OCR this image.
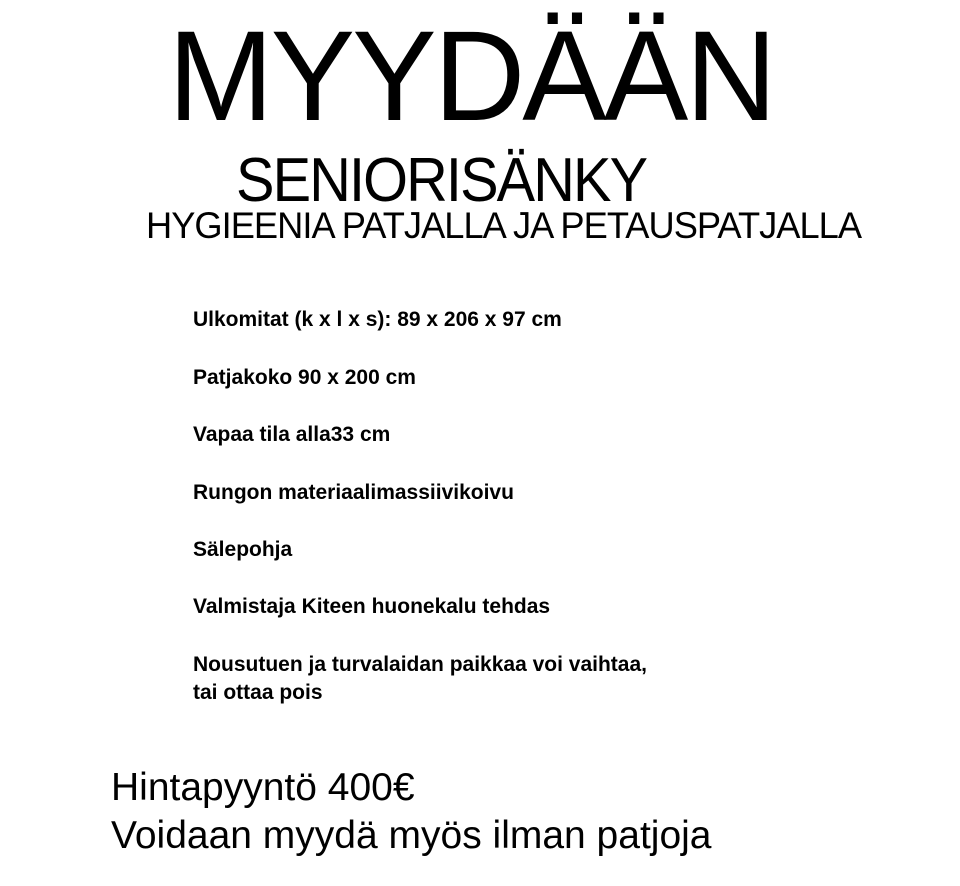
MYYDÄÄN
SENIORISÄNKY
HYGIEENIA PATJALLA JA PETAUSPATJALLA
Ulkomitat (k x l x s): 89 x 206 x 97 cm
Patjakoko 90 x 200 cm
Vapaa tila alla33 cm
Rungon materiaalimassiivikoivu
Sälepohja
Valmistaja Kiteen huonekalu tehdas
Nousutuen ja turvalaidan paikkaa voi vaihtaa,
tai ottaa pois
Hintapyyntö 400€
Voidaan myydä myös ilman patjoja
